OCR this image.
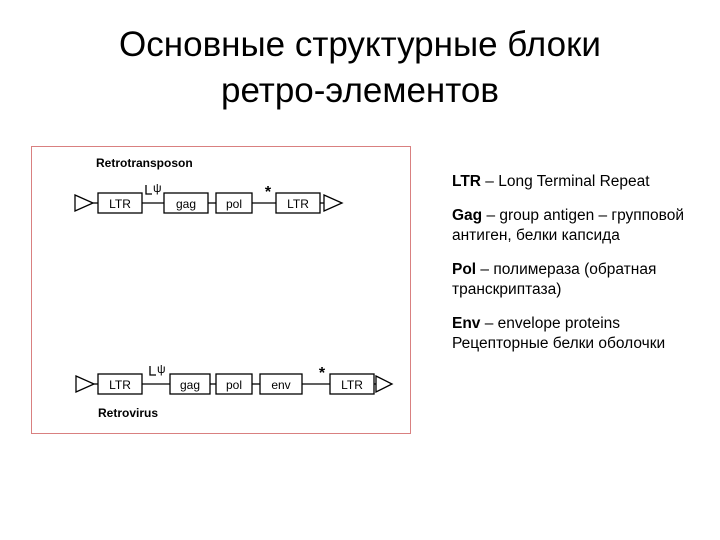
Основные структурные блоки
ретро-элементов
Retrotransposon
LTR
ψ
gag pol
*
LTR
LTR
ψ
gag pol env
*
LTR
Retrovirus
LTR – Long Terminal Repeat
Gag – group antigen – групповой антиген, белки капсида
Pol – полимераза (обратная транскриптаза)
Env – envelope proteins Рецепторные белки оболочки
